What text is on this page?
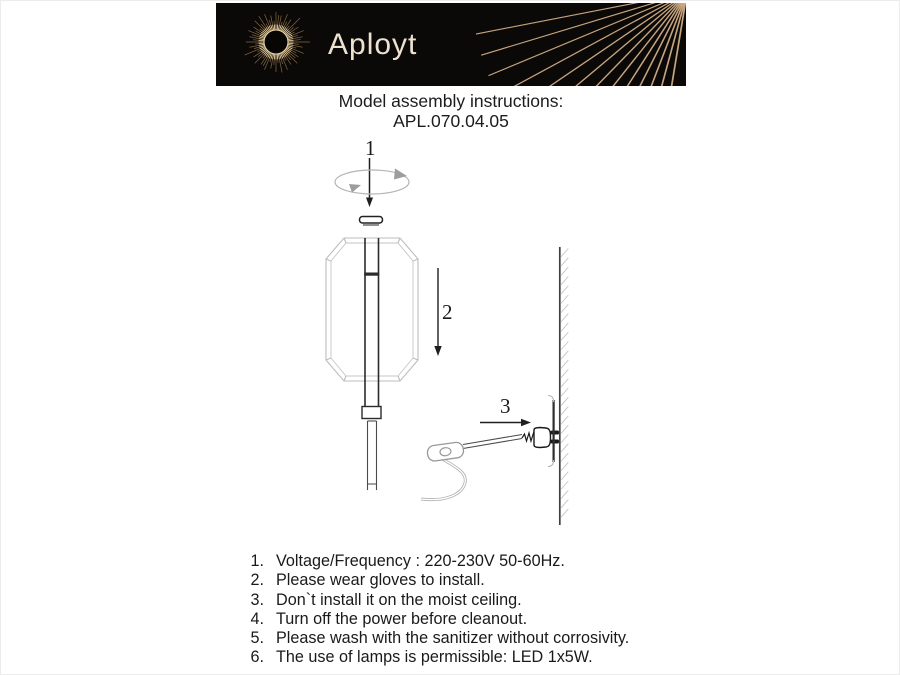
Aployt
Model assembly instructions:
APL.070.04.05
1
2
3
1. Voltage/Frequency : 220-230V 50-60Hz.
2. Please wear gloves to install.
3. Don`t install it on the moist ceiling.
4. Turn off the power before cleanout.
5. Please wash with the sanitizer without corrosivity.
6. The use of lamps is permissible: LED 1x5W.
